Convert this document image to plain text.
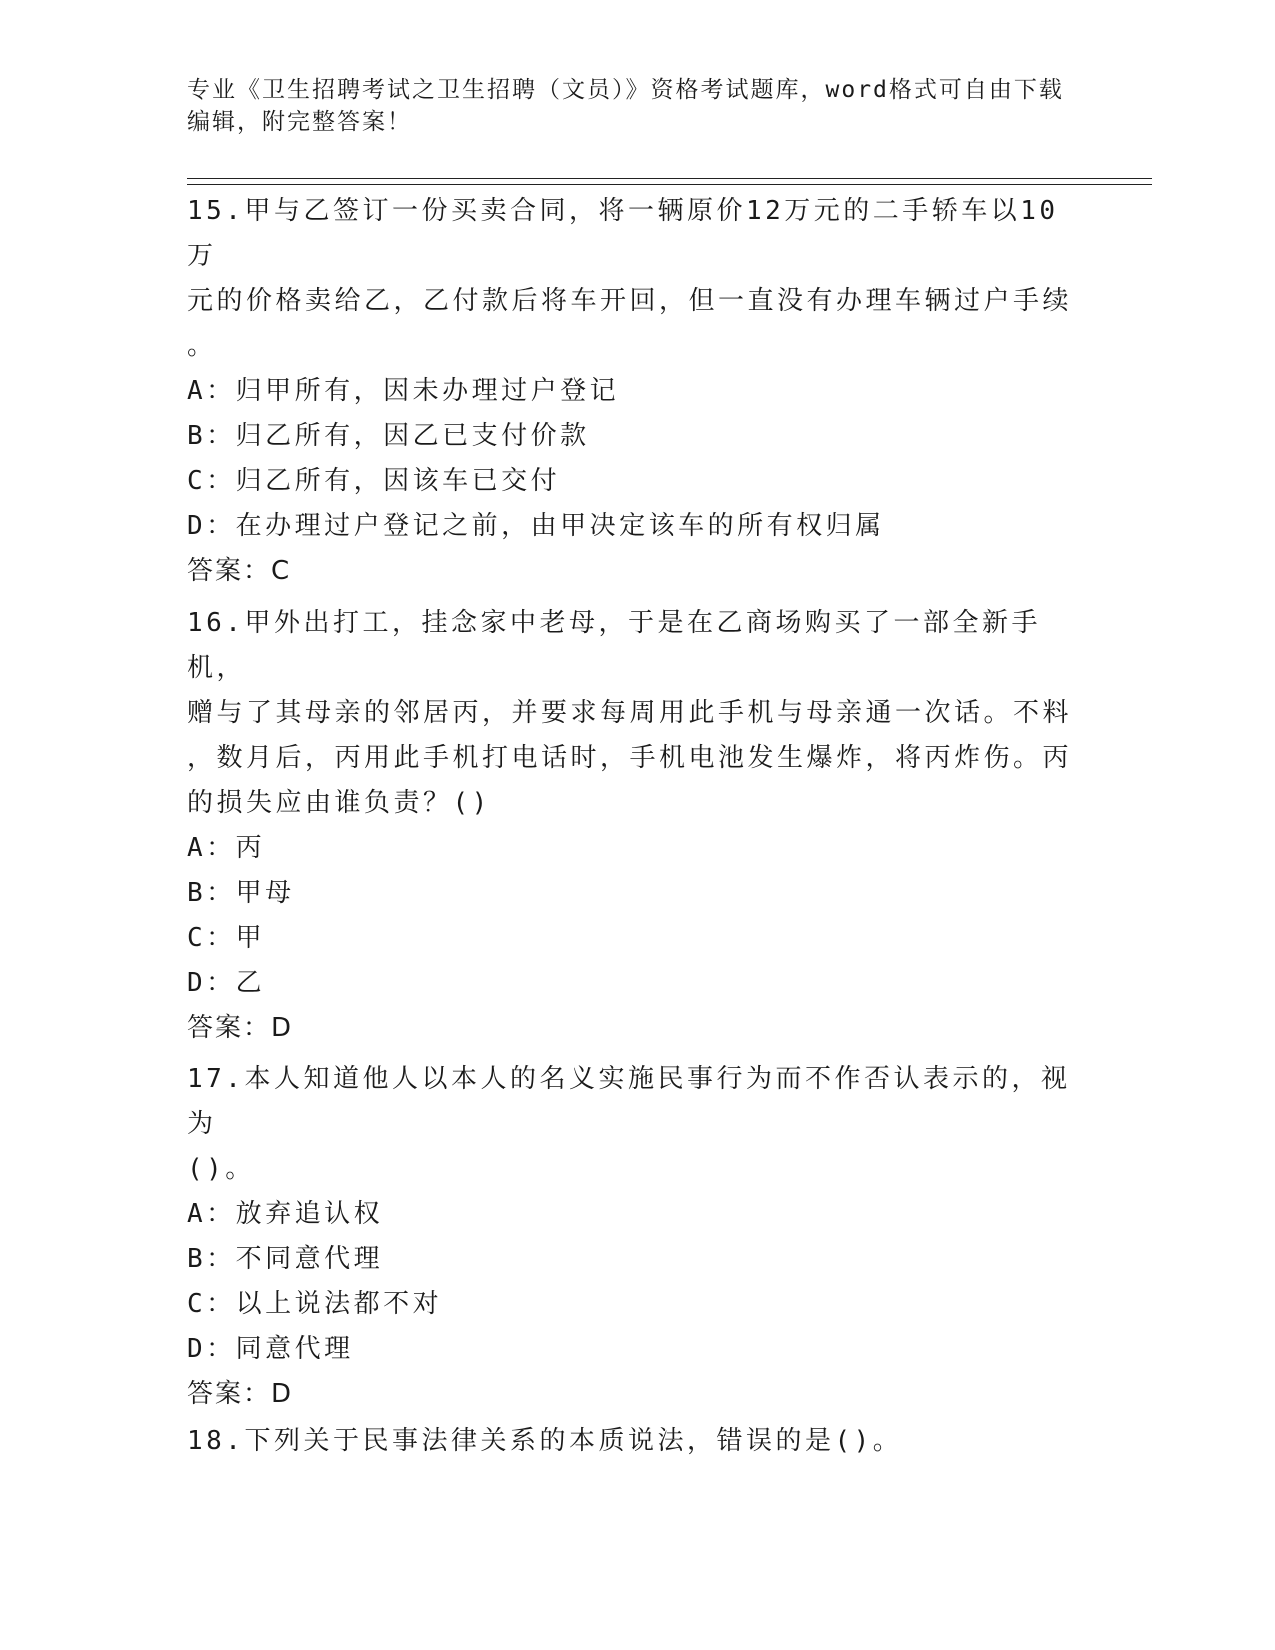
专业《卫生招聘考试之卫生招聘（文员）》资格考试题库，word格式可自由下载
编辑，附完整答案！
15.甲与乙签订一份买卖合同，将一辆原价12万元的二手轿车以10万
元的价格卖给乙，乙付款后将车开回，但一直没有办理车辆过户手续
。
A：归甲所有，因未办理过户登记
B：归乙所有，因乙已支付价款
C：归乙所有，因该车已交付
D：在办理过户登记之前，由甲决定该车的所有权归属
答案：C
16.甲外出打工，挂念家中老母，于是在乙商场购买了一部全新手机，
赠与了其母亲的邻居丙，并要求每周用此手机与母亲通一次话。不料
，数月后，丙用此手机打电话时，手机电池发生爆炸，将丙炸伤。丙
的损失应由谁负责？()
A：丙
B：甲母
C：甲
D：乙
答案：D
17.本人知道他人以本人的名义实施民事行为而不作否认表示的，视为
()。
A：放弃追认权
B：不同意代理
C：以上说法都不对
D：同意代理
答案：D
18.下列关于民事法律关系的本质说法，错误的是()。
